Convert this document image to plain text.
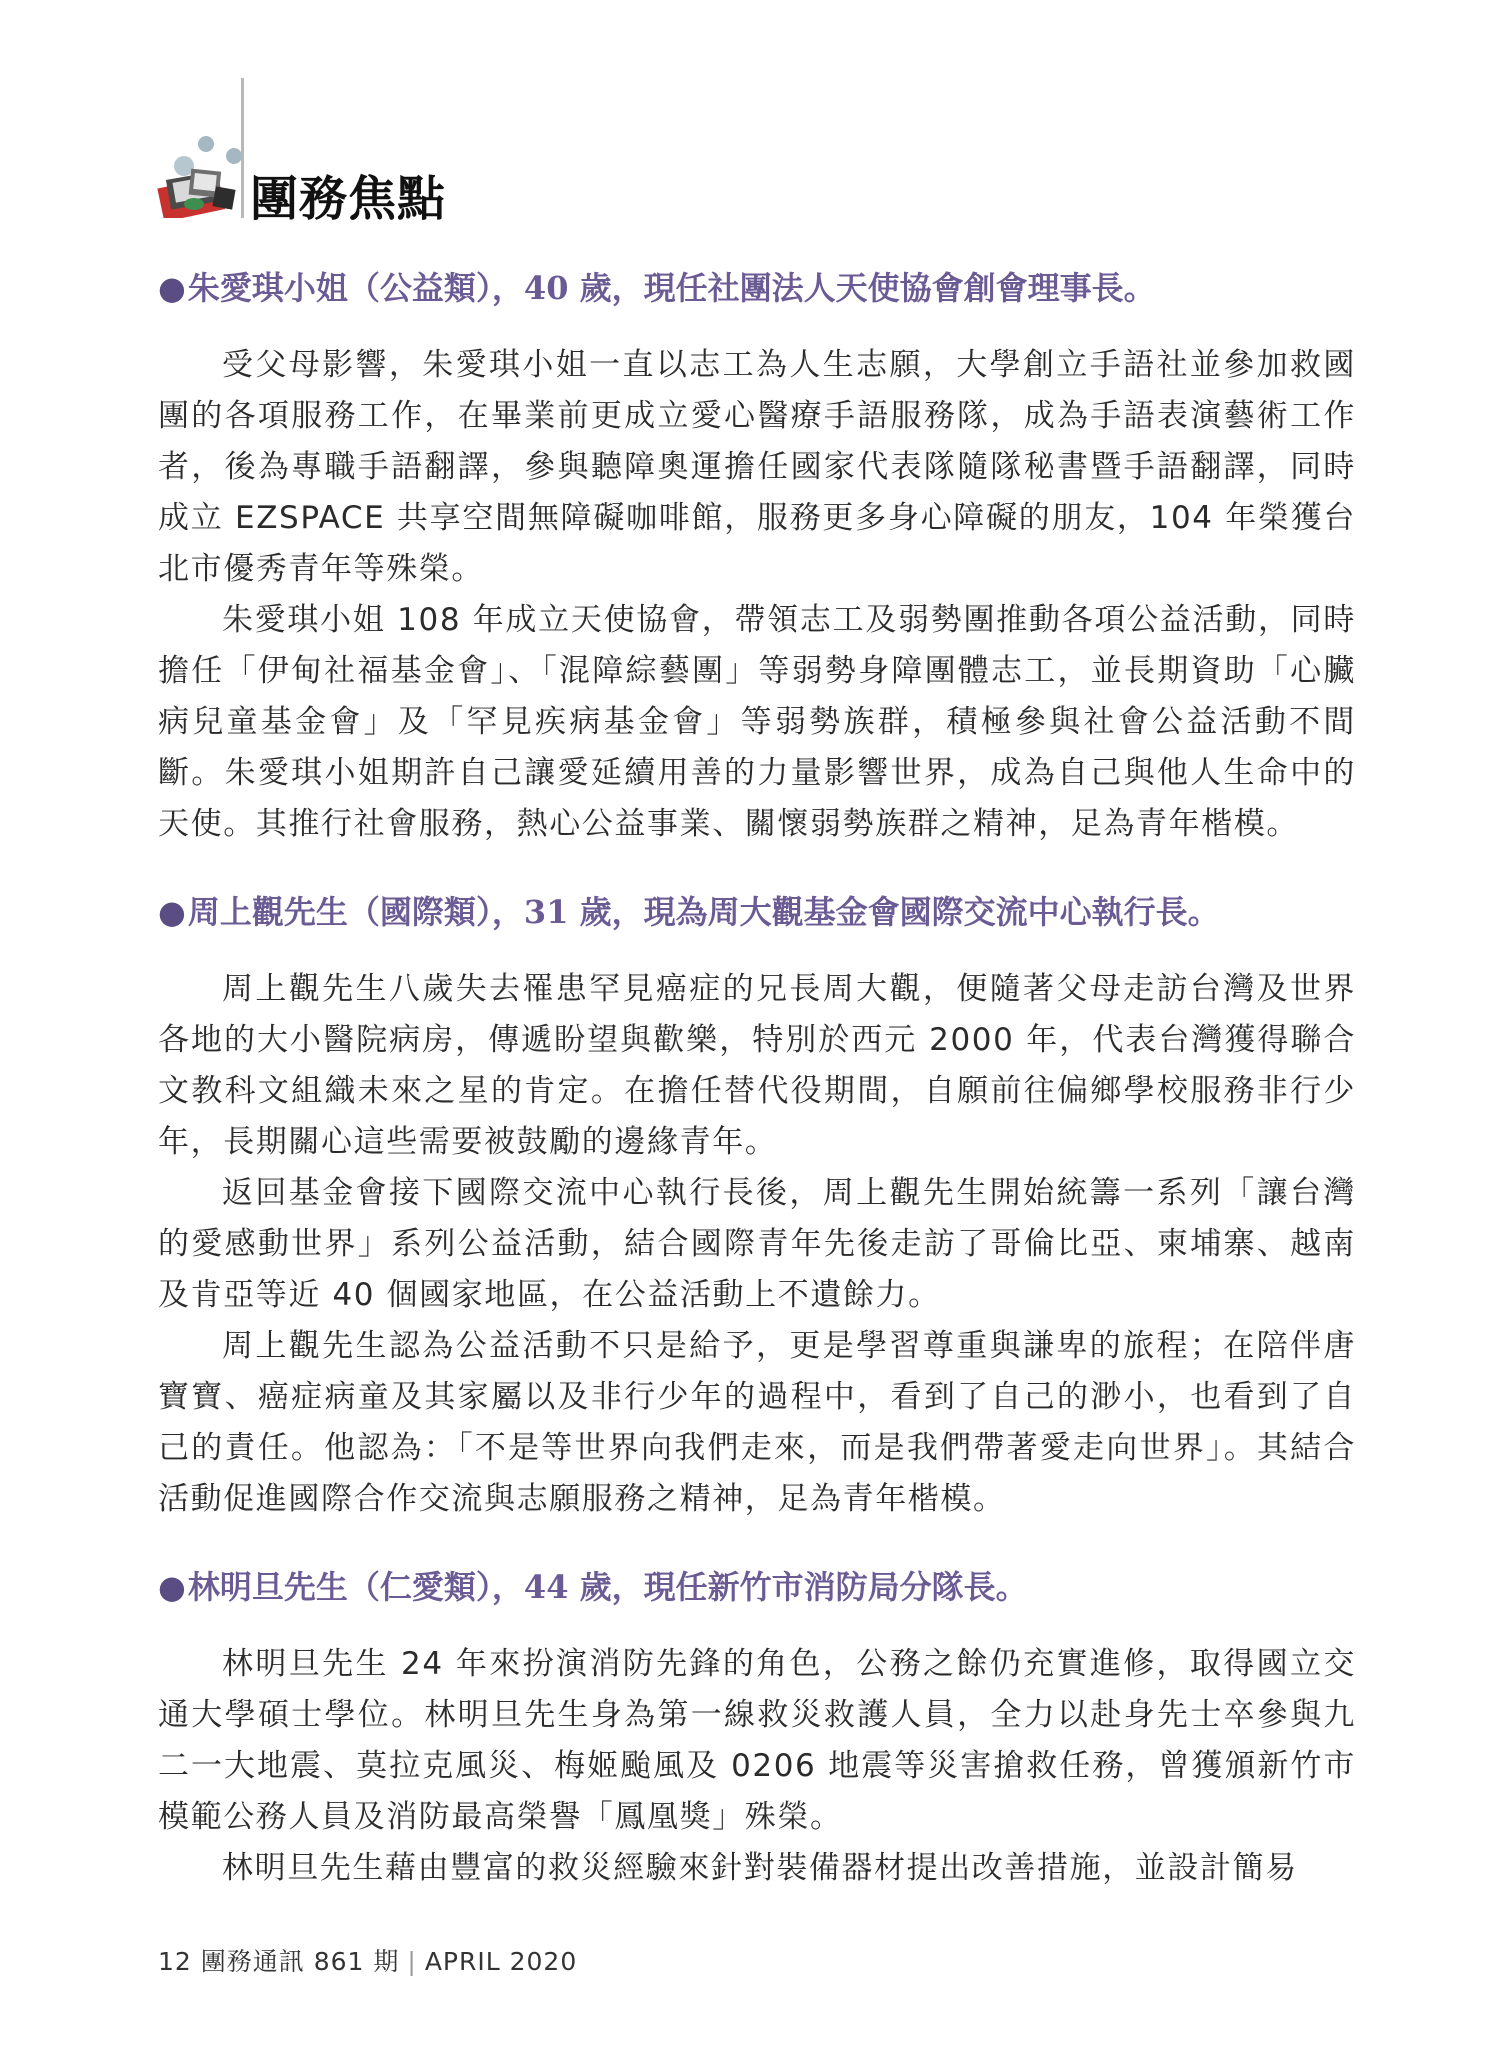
團務焦點
●朱愛琪小姐（公益類），40 歲，現任社團法人天使協會創會理事長。

受父母影響，朱愛琪小姐一直以志工為人生志願，大學創立手語社並參加救國團的各項服務工作，在畢業前更成立愛心醫療手語服務隊，成為手語表演藝術工作者，後為專職手語翻譯，參與聽障奧運擔任國家代表隊隨隊秘書暨手語翻譯，同時成立 EZSPACE 共享空間無障礙咖啡館，服務更多身心障礙的朋友，104 年榮獲台北市優秀青年等殊榮。

朱愛琪小姐 108 年成立天使協會，帶領志工及弱勢團推動各項公益活動，同時擔任「伊甸社福基金會」、「混障綜藝團」等弱勢身障團體志工，並長期資助「心臟病兒童基金會」及「罕見疾病基金會」等弱勢族群，積極參與社會公益活動不間斷。朱愛琪小姐期許自己讓愛延續用善的力量影響世界，成為自己與他人生命中的天使。其推行社會服務，熱心公益事業、關懷弱勢族群之精神，足為青年楷模。

●周上觀先生（國際類），31 歲，現為周大觀基金會國際交流中心執行長。

周上觀先生八歲失去罹患罕見癌症的兄長周大觀，便隨著父母走訪台灣及世界各地的大小醫院病房，傳遞盼望與歡樂，特別於西元 2000 年，代表台灣獲得聯合文教科文組織未來之星的肯定。在擔任替代役期間，自願前往偏鄉學校服務非行少年，長期關心這些需要被鼓勵的邊緣青年。

返回基金會接下國際交流中心執行長後，周上觀先生開始統籌一系列「讓台灣的愛感動世界」系列公益活動，結合國際青年先後走訪了哥倫比亞、柬埔寨、越南及肯亞等近 40 個國家地區，在公益活動上不遺餘力。

周上觀先生認為公益活動不只是給予，更是學習尊重與謙卑的旅程；在陪伴唐寶寶、癌症病童及其家屬以及非行少年的過程中，看到了自己的渺小，也看到了自己的責任。他認為：「不是等世界向我們走來，而是我們帶著愛走向世界」。其結合活動促進國際合作交流與志願服務之精神，足為青年楷模。

●林明旦先生（仁愛類），44 歲，現任新竹市消防局分隊長。

林明旦先生 24 年來扮演消防先鋒的角色，公務之餘仍充實進修，取得國立交通大學碩士學位。林明旦先生身為第一線救災救護人員，全力以赴身先士卒參與九二一大地震、莫拉克風災、梅姬颱風及 0206 地震等災害搶救任務，曾獲頒新竹市模範公務人員及消防最高榮譽「鳳凰獎」殊榮。

林明旦先生藉由豐富的救災經驗來針對裝備器材提出改善措施，並設計簡易

12 團務通訊 861 期 | APRIL 2020
